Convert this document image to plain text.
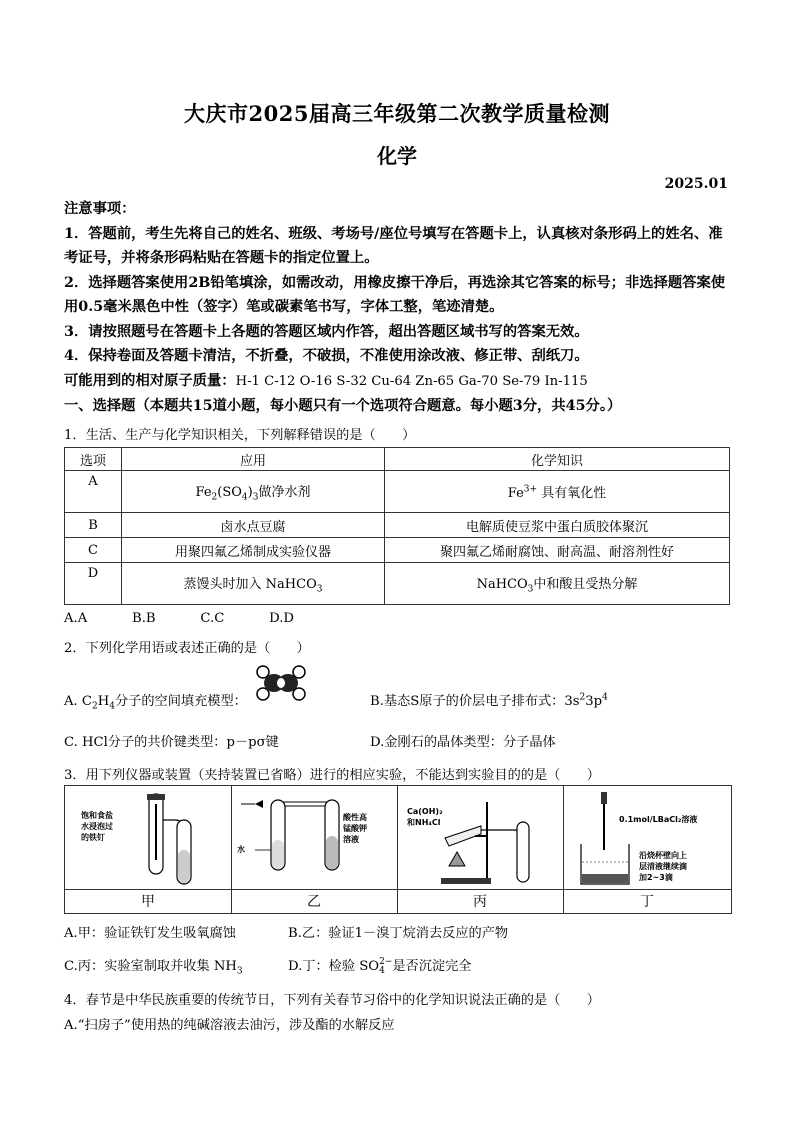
大庆市2025届高三年级第二次教学质量检测
化学
2025.01

注意事项：

1．答题前，考生先将自己的姓名、班级、考场号/座位号填写在答题卡上，认真核对条形码上的姓名、准考证号，并将条形码粘贴在答题卡的指定位置上。

2．选择题答案使用2B铅笔填涂，如需改动，用橡皮擦干净后，再选涂其它答案的标号；非选择题答案使用0.5毫米黑色中性（签字）笔或碳素笔书写，字体工整，笔迹清楚。

3．请按照题号在答题卡上各题的答题区域内作答，超出答题区域书写的答案无效。

4．保持卷面及答题卡清洁，不折叠，不破损，不准使用涂改液、修正带、刮纸刀。

可能用到的相对原子质量：H-1 C-12 O-16 S-32 Cu-64 Zn-65 Ga-70 Se-79 In-115

一、选择题（本题共15道小题，每小题只有一个选项符合题意。每小题3分，共45分。）

1．生活、生产与化学知识相关，下列解释错误的是（　　）
选项	应用	化学知识
A	$Fe_2(SO_4)_3$做净水剂	$Fe^{3+}$ 具有氧化性
B	卤水点豆腐	电解质使豆浆中蛋白质胶体聚沉
C	用聚四氟乙烯制成实验仪器	聚四氟乙烯耐腐蚀、耐高温、耐溶剂性好
D	蒸馒头时加入 NaHCO$_3$	NaHCO$_3$中和酸且受热分解
A.A	B.B	C.C	D.D
2．下列化学用语或表述正确的是（　　）
A. $C_2H_4$分子的空间填充模型：	B.基态S原子的价层电子排布式：$3s^23p^4$
C. HCl分子的共价键类型：p－pσ键	D.金刚石的晶体类型：分子晶体
3．用下列仪器或装置（夹持装置已省略）进行的相应实验，不能达到实验目的的是（　　）
饱和食盐
水浸泡过
的铁钉
水
酸性高
锰酸钾
溶液
Ca(OH)₂
和NH₄Cl	0.1mol/LBaCl₂溶液
沿烧杯壁向上
层清液继续滴
加2~3滴
甲	乙	丙	丁
A.甲：验证铁钉发生吸氧腐蚀	B.乙：验证1－溴丁烷消去反应的产物
C.丙：实验室制取并收集 $NH_3$	D.丁：检验 SO 2−
4 是否沉淀完全
4．春节是中华民族重要的传统节日，下列有关春节习俗中的化学知识说法正确的是（　　）
A.“扫房子”使用热的纯碱溶液去油污，涉及酯的水解反应
